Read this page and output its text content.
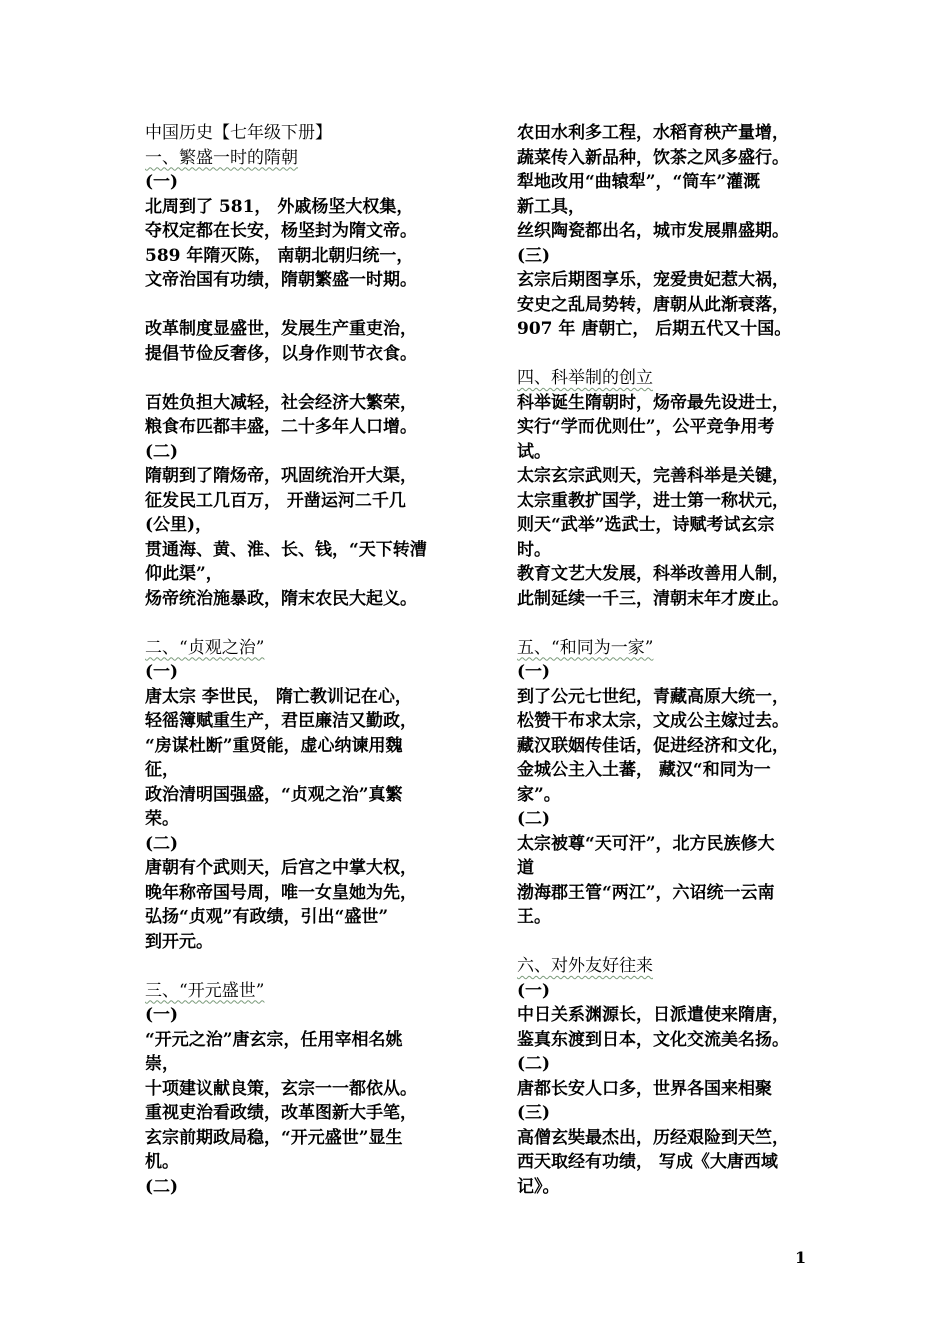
中国历史【七年级下册】
一、繁盛一时的隋朝
(一)
北周到了 581， 外戚杨坚大权集，
夺权定都在长安，杨坚封为隋文帝。
589 年隋灭陈， 南朝北朝归统一，
文帝治国有功绩，隋朝繁盛一时期。
改革制度显盛世，发展生产重吏治，
提倡节俭反奢侈，以身作则节衣食。
百姓负担大减轻，社会经济大繁荣，
粮食布匹都丰盛，二十多年人口增。
(二)
隋朝到了隋炀帝，巩固统治开大渠，
征发民工几百万， 开凿运河二千几
(公里)，
贯通海、黄、淮、长、钱，“天下转漕
仰此渠”，
炀帝统治施暴政，隋末农民大起义。
二、“贞观之治”
(一)
唐太宗 李世民， 隋亡教训记在心，
轻徭簿赋重生产，君臣廉洁又勤政，
“房谋杜断”重贤能，虚心纳谏用魏
征，
政治清明国强盛，“贞观之治”真繁
荣。
(二)
唐朝有个武则天，后宫之中掌大权，
晚年称帝国号周，唯一女皇她为先，
弘扬“贞观”有政绩，引出“盛世”
到开元。
三、“开元盛世”
(一)
“开元之治”唐玄宗，任用宰相名姚
崇，
十项建议献良策，玄宗一一都依从。
重视吏治看政绩，改革图新大手笔，
玄宗前期政局稳，“开元盛世”显生
机。
(二)
农田水利多工程，水稻育秧产量增，
蔬菜传入新品种，饮茶之风多盛行。
犁地改用“曲辕犁”，“筒车”灌溉
新工具，
丝织陶瓷都出名，城市发展鼎盛期。
(三)
玄宗后期图享乐，宠爱贵妃惹大祸，
安史之乱局势转，唐朝从此渐衰落，
907 年 唐朝亡， 后期五代又十国。
四、科举制的创立
科举诞生隋朝时，炀帝最先设进士，
实行“学而优则仕”，公平竞争用考
试。
太宗玄宗武则天，完善科举是关键，
太宗重教扩国学，进士第一称状元，
则天“武举”选武士，诗赋考试玄宗
时。
教育文艺大发展，科举改善用人制，
此制延续一千三，清朝末年才废止。
五、“和同为一家”
(一)
到了公元七世纪，青藏高原大统一，
松赞干布求太宗，文成公主嫁过去。
藏汉联姻传佳话，促进经济和文化，
金城公主入土蕃， 藏汉“和同为一
家”。
(二)
太宗被尊“天可汗”，北方民族修大
道
渤海郡王管“两江”，六诏统一云南
王。
六、对外友好往来
(一)
中日关系渊源长，日派遣使来隋唐，
鉴真东渡到日本，文化交流美名扬。
(二)
唐都长安人口多，世界各国来相聚
(三)
高僧玄奘最杰出，历经艰险到天竺，
西天取经有功绩， 写成《大唐西域
记》。
1
